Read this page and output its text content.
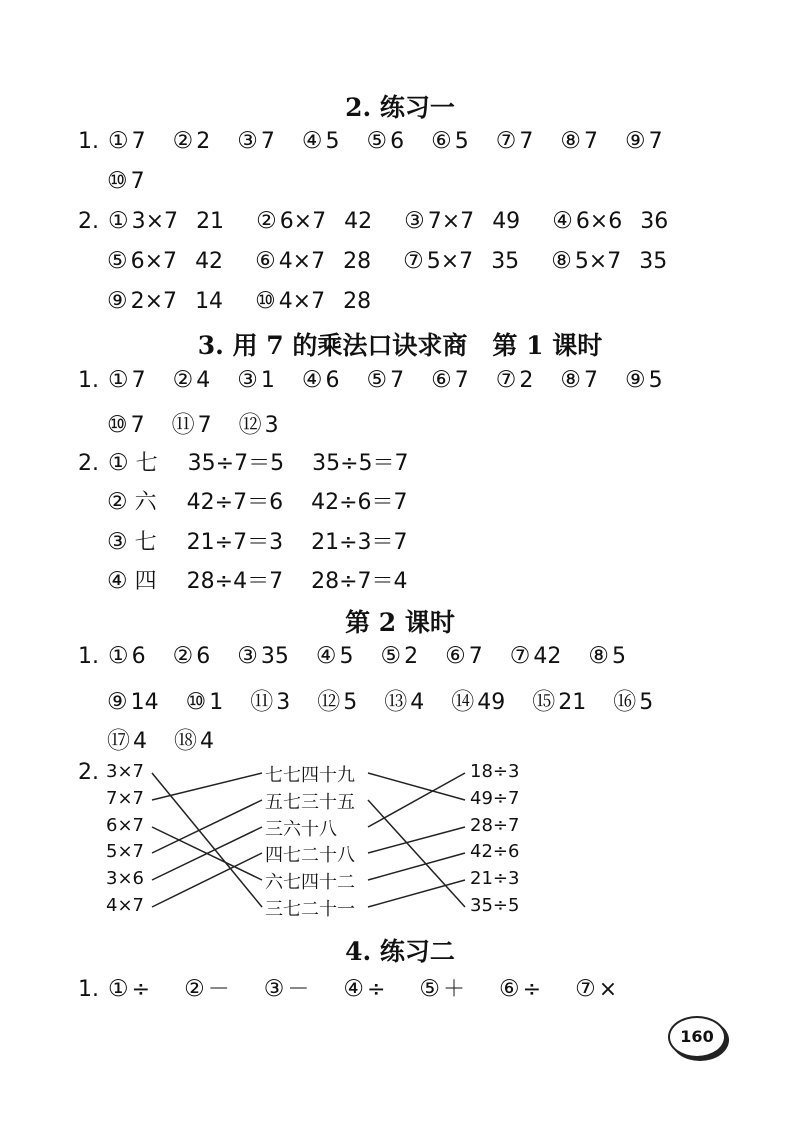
2. 练习一
1. ① 7 ② 2 ③ 7 ④ 5 ⑤ 6 ⑥ 5 ⑦ 7 ⑧ 7 ⑨ 7
⑩ 7
2. ① 3×7 21 ② 6×7 42 ③ 7×7 49 ④ 6×6 36
⑤ 6×7 42 ⑥ 4×7 28 ⑦ 5×7 35 ⑧ 5×7 35
⑨ 2×7 14 ⑩ 4×7 28
3. 用 7 的乘法口诀求商　第 1 课时
1. ① 7 ② 4 ③ 1 ④ 6 ⑤ 7 ⑥ 7 ⑦ 2 ⑧ 7 ⑨ 5
⑩ 7 ⑪ 7 ⑫ 3
2. ① 七 35÷7＝5 35÷5＝7
② 六 42÷7＝6 42÷6＝7
③ 七 21÷7＝3 21÷3＝7
④ 四 28÷4＝7 28÷7＝4
第 2 课时
1. ① 6 ② 6 ③ 35 ④ 5 ⑤ 2 ⑥ 7 ⑦ 42 ⑧ 5
⑨ 14 ⑩ 1 ⑪ 3 ⑫ 5 ⑬ 4 ⑭ 49 ⑮ 21 ⑯ 5
⑰ 4 ⑱ 4
2. 3×7
7×7
6×7
5×7
3×6
4×7
七七四十九
五七三十五
三六十八
四七二十八
六七四十二
三七二十一
18÷3
49÷7
28÷7
42÷6
21÷3
35÷5
4. 练习二
1. ① ÷ ② － ③ － ④ ÷ ⑤ ＋ ⑥ ÷ ⑦ ×
160
